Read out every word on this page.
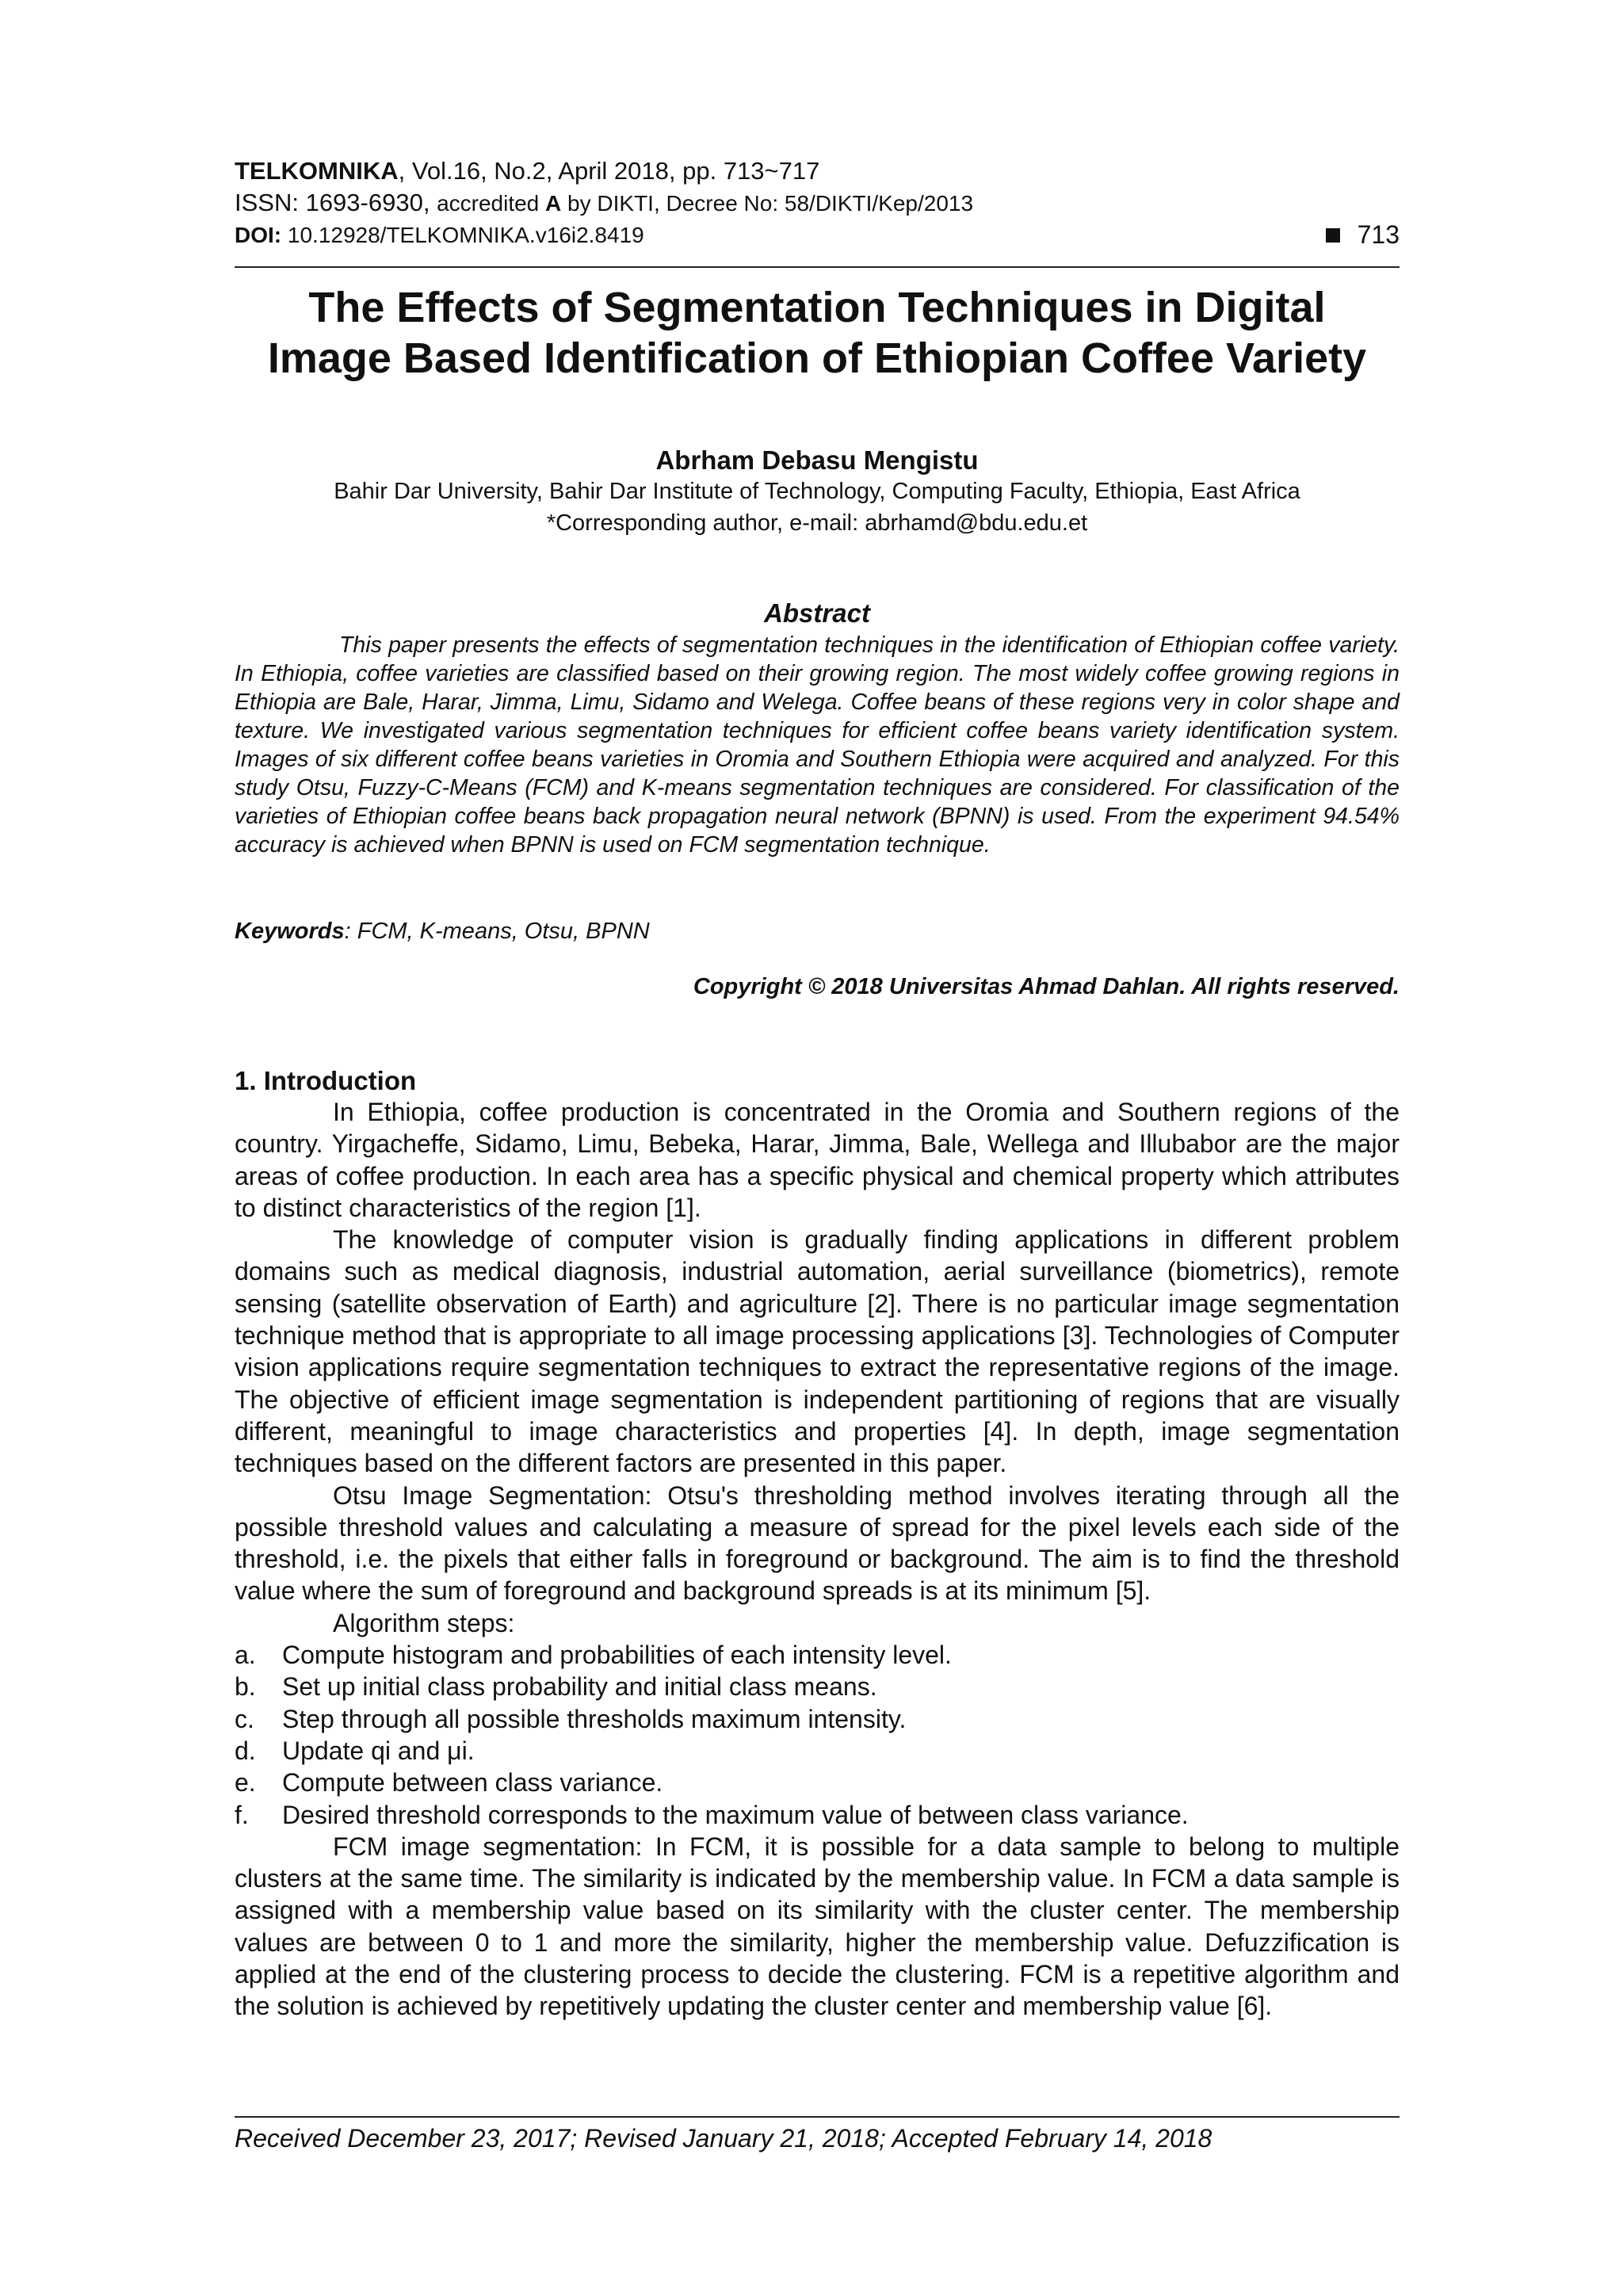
TELKOMNIKA, Vol.16, No.2, April 2018, pp. 713~717
ISSN: 1693-6930, accredited A by DIKTI, Decree No: 58/DIKTI/Kep/2013
DOI: 10.12928/TELKOMNIKA.v16i2.8419	713
The Effects of Segmentation Techniques in Digital
Image Based Identification of Ethiopian Coffee Variety
Abrham Debasu Mengistu
Bahir Dar University, Bahir Dar Institute of Technology, Computing Faculty, Ethiopia, East Africa
*Corresponding author, e-mail: abrhamd@bdu.edu.et
Abstract
This paper presents the effects of segmentation techniques in the identification of Ethiopian coffee variety. In Ethiopia, coffee varieties are classified based on their growing region. The most widely coffee growing regions in Ethiopia are Bale, Harar, Jimma, Limu, Sidamo and Welega. Coffee beans of these regions very in color shape and texture. We investigated various segmentation techniques for efficient coffee beans variety identification system. Images of six different coffee beans varieties in Oromia and Southern Ethiopia were acquired and analyzed. For this study Otsu, Fuzzy-C-Means (FCM) and K-means segmentation techniques are considered. For classification of the varieties of Ethiopian coffee beans back propagation neural network (BPNN) is used. From the experiment 94.54% accuracy is achieved when BPNN is used on FCM segmentation technique.
Keywords: FCM, K-means, Otsu, BPNN
Copyright © 2018 Universitas Ahmad Dahlan. All rights reserved.
1. Introduction

In Ethiopia, coffee production is concentrated in the Oromia and Southern regions of the country. Yirgacheffe, Sidamo, Limu, Bebeka, Harar, Jimma, Bale, Wellega and Illubabor are the major areas of coffee production. In each area has a specific physical and chemical property which attributes to distinct characteristics of the region [1].

The knowledge of computer vision is gradually finding applications in different problem domains such as medical diagnosis, industrial automation, aerial surveillance (biometrics), remote sensing (satellite observation of Earth) and agriculture [2]. There is no particular image segmentation technique method that is appropriate to all image processing applications [3]. Technologies of Computer vision applications require segmentation techniques to extract the representative regions of the image. The objective of efficient image segmentation is independent partitioning of regions that are visually different, meaningful to image characteristics and properties [4]. In depth, image segmentation techniques based on the different factors are presented in this paper.

Otsu Image Segmentation: Otsu's thresholding method involves iterating through all the possible threshold values and calculating a measure of spread for the pixel levels each side of the threshold, i.e. the pixels that either falls in foreground or background. The aim is to find the threshold value where the sum of foreground and background spreads is at its minimum [5].

Algorithm steps:
a. Compute histogram and probabilities of each intensity level.
b. Set up initial class probability and initial class means.
c. Step through all possible thresholds maximum intensity.
d. Update qi and μi.
e. Compute between class variance.
f. Desired threshold corresponds to the maximum value of between class variance.

FCM image segmentation: In FCM, it is possible for a data sample to belong to multiple clusters at the same time. The similarity is indicated by the membership value. In FCM a data sample is assigned with a membership value based on its similarity with the cluster center. The membership values are between 0 to 1 and more the similarity, higher the membership value. Defuzzification is applied at the end of the clustering process to decide the clustering. FCM is a repetitive algorithm and the solution is achieved by repetitively updating the cluster center and membership value [6].

Received December 23, 2017; Revised January 21, 2018; Accepted February 14, 2018
